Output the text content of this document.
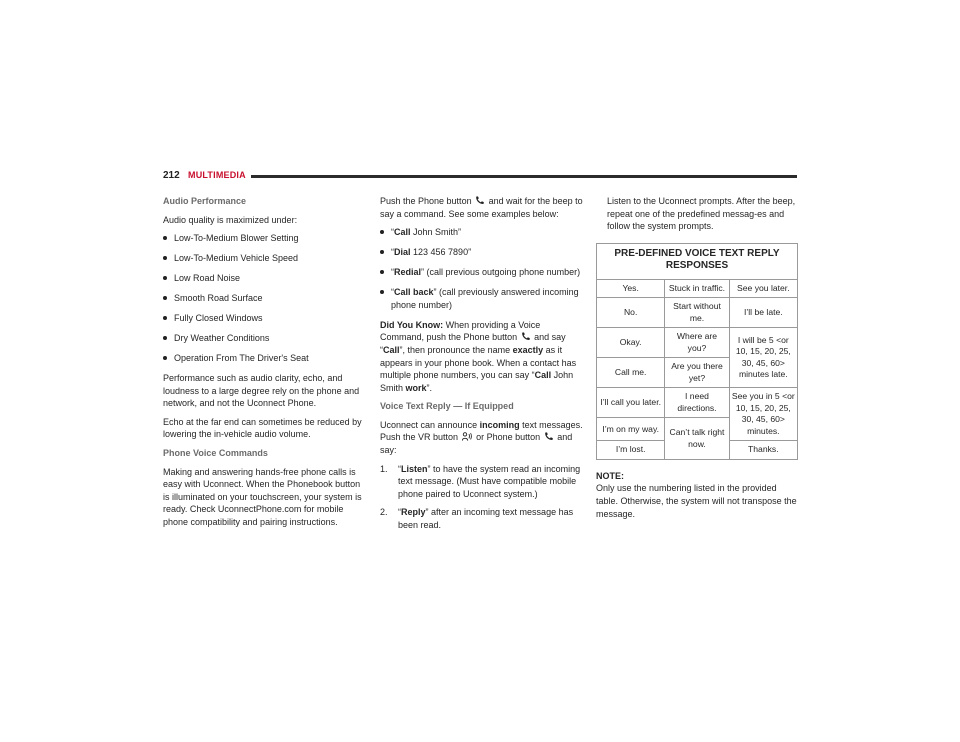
212 MULTIMEDIA
Audio Performance

Audio quality is maximized under:

Low-To-Medium Blower Setting
Low-To-Medium Vehicle Speed
Low Road Noise
Smooth Road Surface
Fully Closed Windows
Dry Weather Conditions
Operation From The Driver's Seat

Performance such as audio clarity, echo, and loudness to a large degree rely on the phone and network, and not the Uconnect Phone.

Echo at the far end can sometimes be reduced by lowering the in-vehicle audio volume.

Phone Voice Commands

Making and answering hands-free phone calls is easy with Uconnect. When the Phonebook button is illuminated on your touchscreen, your system is ready. Check UconnectPhone.com for mobile phone compatibility and pairing instructions.

Push the Phone button and wait for the beep to say a command. See some examples below:

“Call John Smith”
“Dial 123 456 7890”
“Redial” (call previous outgoing phone number)
“Call back” (call previously answered incoming phone number)

Did You Know: When providing a Voice Command, push the Phone button and say “Call”, then pronounce the name exactly as it appears in your phone book. When a contact has multiple phone numbers, you can say “Call John Smith work”.

Voice Text Reply — If Equipped

Uconnect can announce incoming text messages. Push the VR button or Phone button and say:

1. “Listen” to have the system read an incoming text message. (Must have compatible mobile phone paired to Uconnect system.)
2. “Reply” after an incoming text message has been read.

Listen to the Uconnect prompts. After the beep, repeat one of the predefined messag-es and follow the system prompts.

PRE-DEFINED VOICE TEXT REPLY RESPONSES		
Yes.	Stuck in traffic.	See you later.
No.	Start without me.	I’ll be late.
Okay.	Where are you?	I will be 5 <or 10, 15, 20, 25, 30, 45, 60> minutes late.
Call me.	Are you there yet?	
I’ll call you later.	I need directions.	See you in 5 <or 10, 15, 20, 25, 30, 45, 60> minutes.
I’m on my way.	Can’t talk right now.	
I’m lost.		Thanks.
NOTE:

Only use the numbering listed in the provided table. Otherwise, the system will not transpose the message.
